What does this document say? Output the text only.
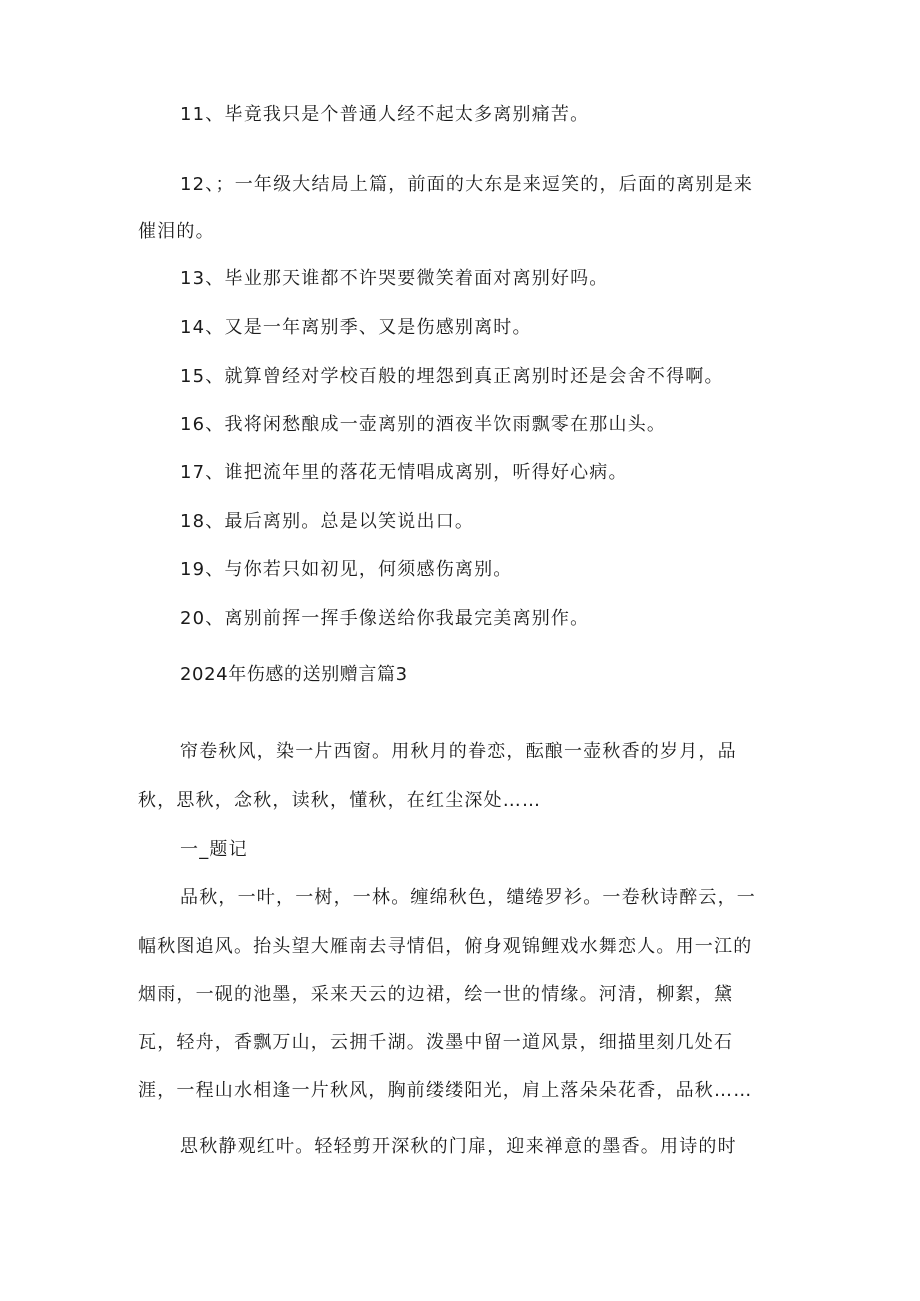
11、毕竟我只是个普通人经不起太多离别痛苦。
12、；一年级大结局上篇，前面的大东是来逗笑的，后面的离别是来
催泪的。
13、毕业那天谁都不许哭要微笑着面对离别好吗。
14、又是一年离别季、又是伤感别离时。
15、就算曾经对学校百般的埋怨到真正离别时还是会舍不得啊。
16、我将闲愁酿成一壶离别的酒夜半饮雨飘零在那山头。
17、谁把流年里的落花无情唱成离别，听得好心病。
18、最后离别。总是以笑说出口。
19、与你若只如初见，何须感伤离别。
20、离别前挥一挥手像送给你我最完美离别作。
2024年伤感的送别赠言篇3
帘卷秋风，染一片西窗。用秋月的眷恋，酝酿一壶秋香的岁月，品
秋，思秋，念秋，读秋，懂秋，在红尘深处……
一_题记
品秋，一叶，一树，一林。缠绵秋色，缱绻罗衫。一卷秋诗醉云，一
幅秋图追风。抬头望大雁南去寻情侣，俯身观锦鲤戏水舞恋人。用一江的
烟雨，一砚的池墨，采来天云的边裙，绘一世的情缘。河清，柳絮，黛
瓦，轻舟，香飘万山，云拥千湖。泼墨中留一道风景，细描里刻几处石
涯，一程山水相逢一片秋风，胸前缕缕阳光，肩上落朵朵花香，品秋……
思秋静观红叶。轻轻剪开深秋的门扉，迎来禅意的墨香。用诗的时
